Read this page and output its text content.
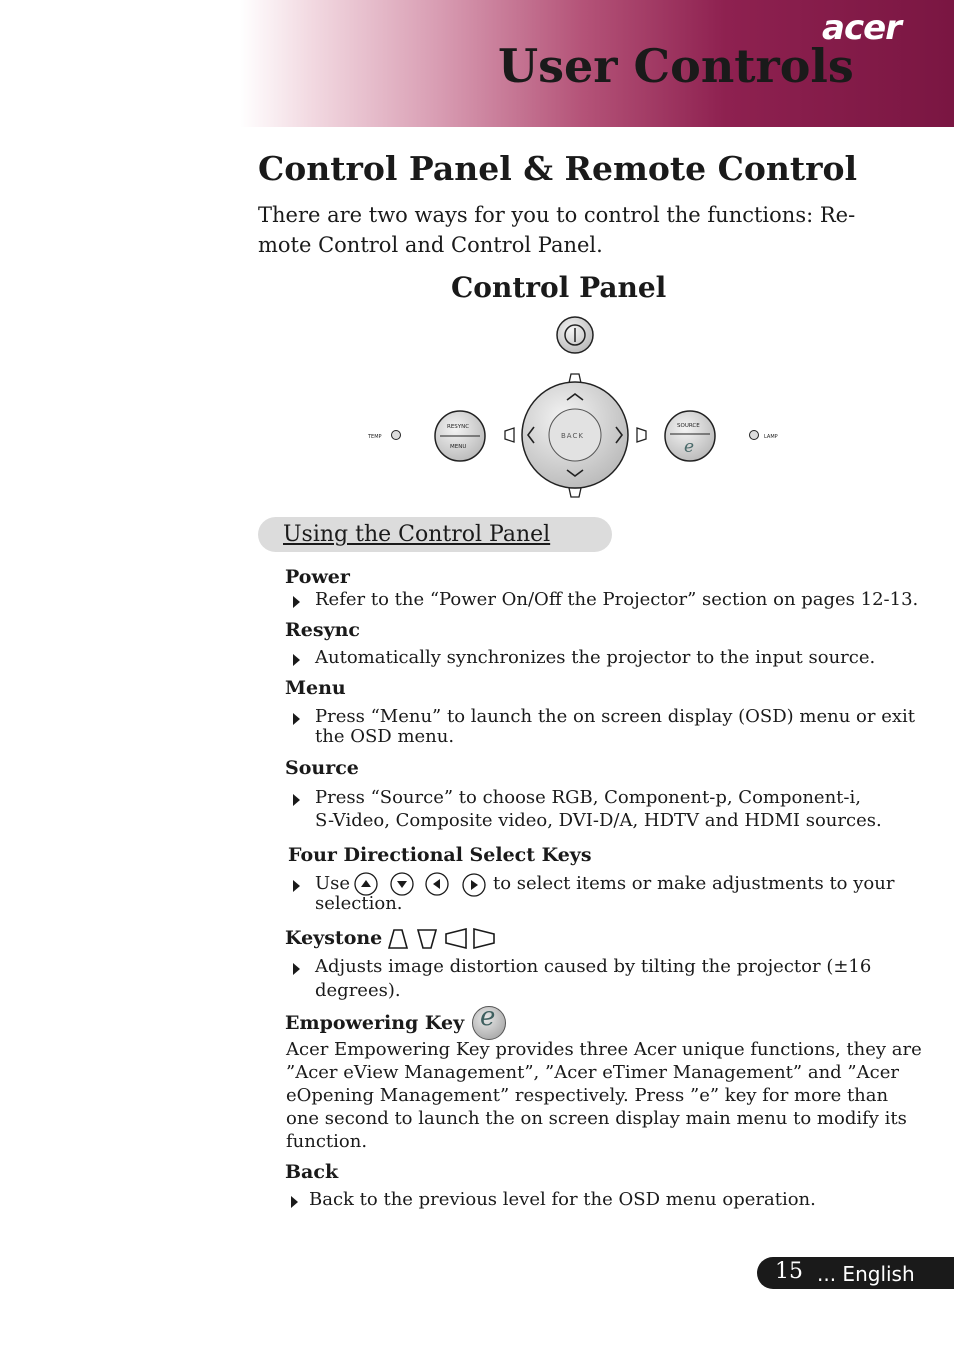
acer
User Controls
Control Panel & Remote Control
There are two ways for you to control the functions: Re-
mote Control and Control Panel.
Control Panel
TEMP
RESYNC
MENU
BACK
SOURCE
e	LAMP
Using the Control Panel
Power
Refer to the “Power On/Off the Projector” section on pages 12-13.
Resync
Automatically synchronizes the projector to the input source.
Menu
Press “Menu” to launch the on screen display (OSD) menu or exit
the OSD menu.
Source
Press “Source” to choose RGB, Component-p, Component-i,
S-Video, Composite video, DVI-D/A, HDTV and HDMI sources.
Four Directional Select Keys
Use	to select items or make adjustments to your
selection.
Keystone
Adjusts image distortion caused by tilting the projector (±16
degrees).
Empowering Key e
Acer Empowering Key provides three Acer unique functions, they are
”Acer eView Management”, ”Acer eTimer Management” and ”Acer
eOpening Management” respectively. Press ”e” key for more than
one second to launch the on screen display main menu to modify its
function.
Back
Back to the previous level for the OSD menu operation.
15 ... English
